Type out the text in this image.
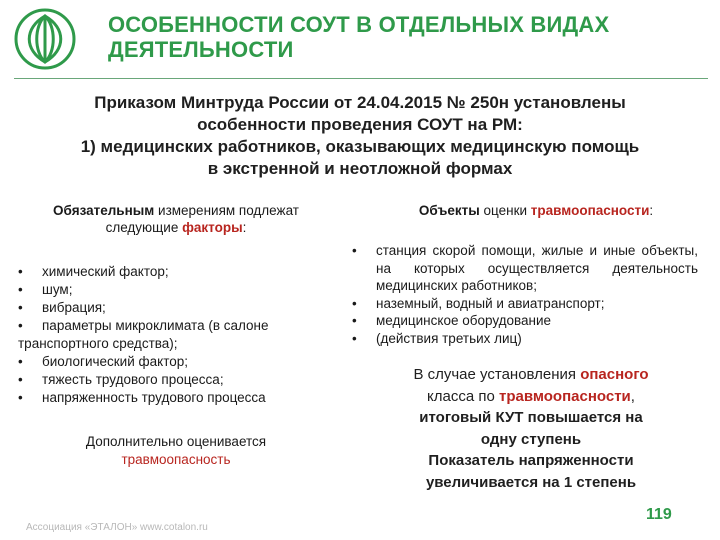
ОСОБЕННОСТИ СОУТ В ОТДЕЛЬНЫХ ВИДАХ
ДЕЯТЕЛЬНОСТИ
Приказом Минтруда России от 24.04.2015 № 250н установлены
особенности проведения СОУТ на РМ:
1) медицинских работников, оказывающих медицинскую помощь
в экстренной и неотложной формах
Обязательным измерениям подлежат
следующие факторы:
• химический фактор;
• шум;
• вибрация;
• параметры микроклимата (в салоне
транспортного средства);
• биологический фактор;
• тяжесть трудового процесса;
• напряженность трудового процесса
Дополнительно оценивается
травмоопасность
Объекты оценки травмоопасности:
• станция скорой помощи, жилые и иные объекты, на которых осуществляется деятельность медицинских работников;
• наземный, водный и авиатранспорт;
• медицинское оборудование
• (действия третьих лиц)
В случае установления опасного
класса по травмоопасности,
итоговый КУТ повышается на
одну ступень
Показатель напряженности
увеличивается на 1 степень
Ассоциация «ЭТАЛОН» www.cotalon.ru
119
